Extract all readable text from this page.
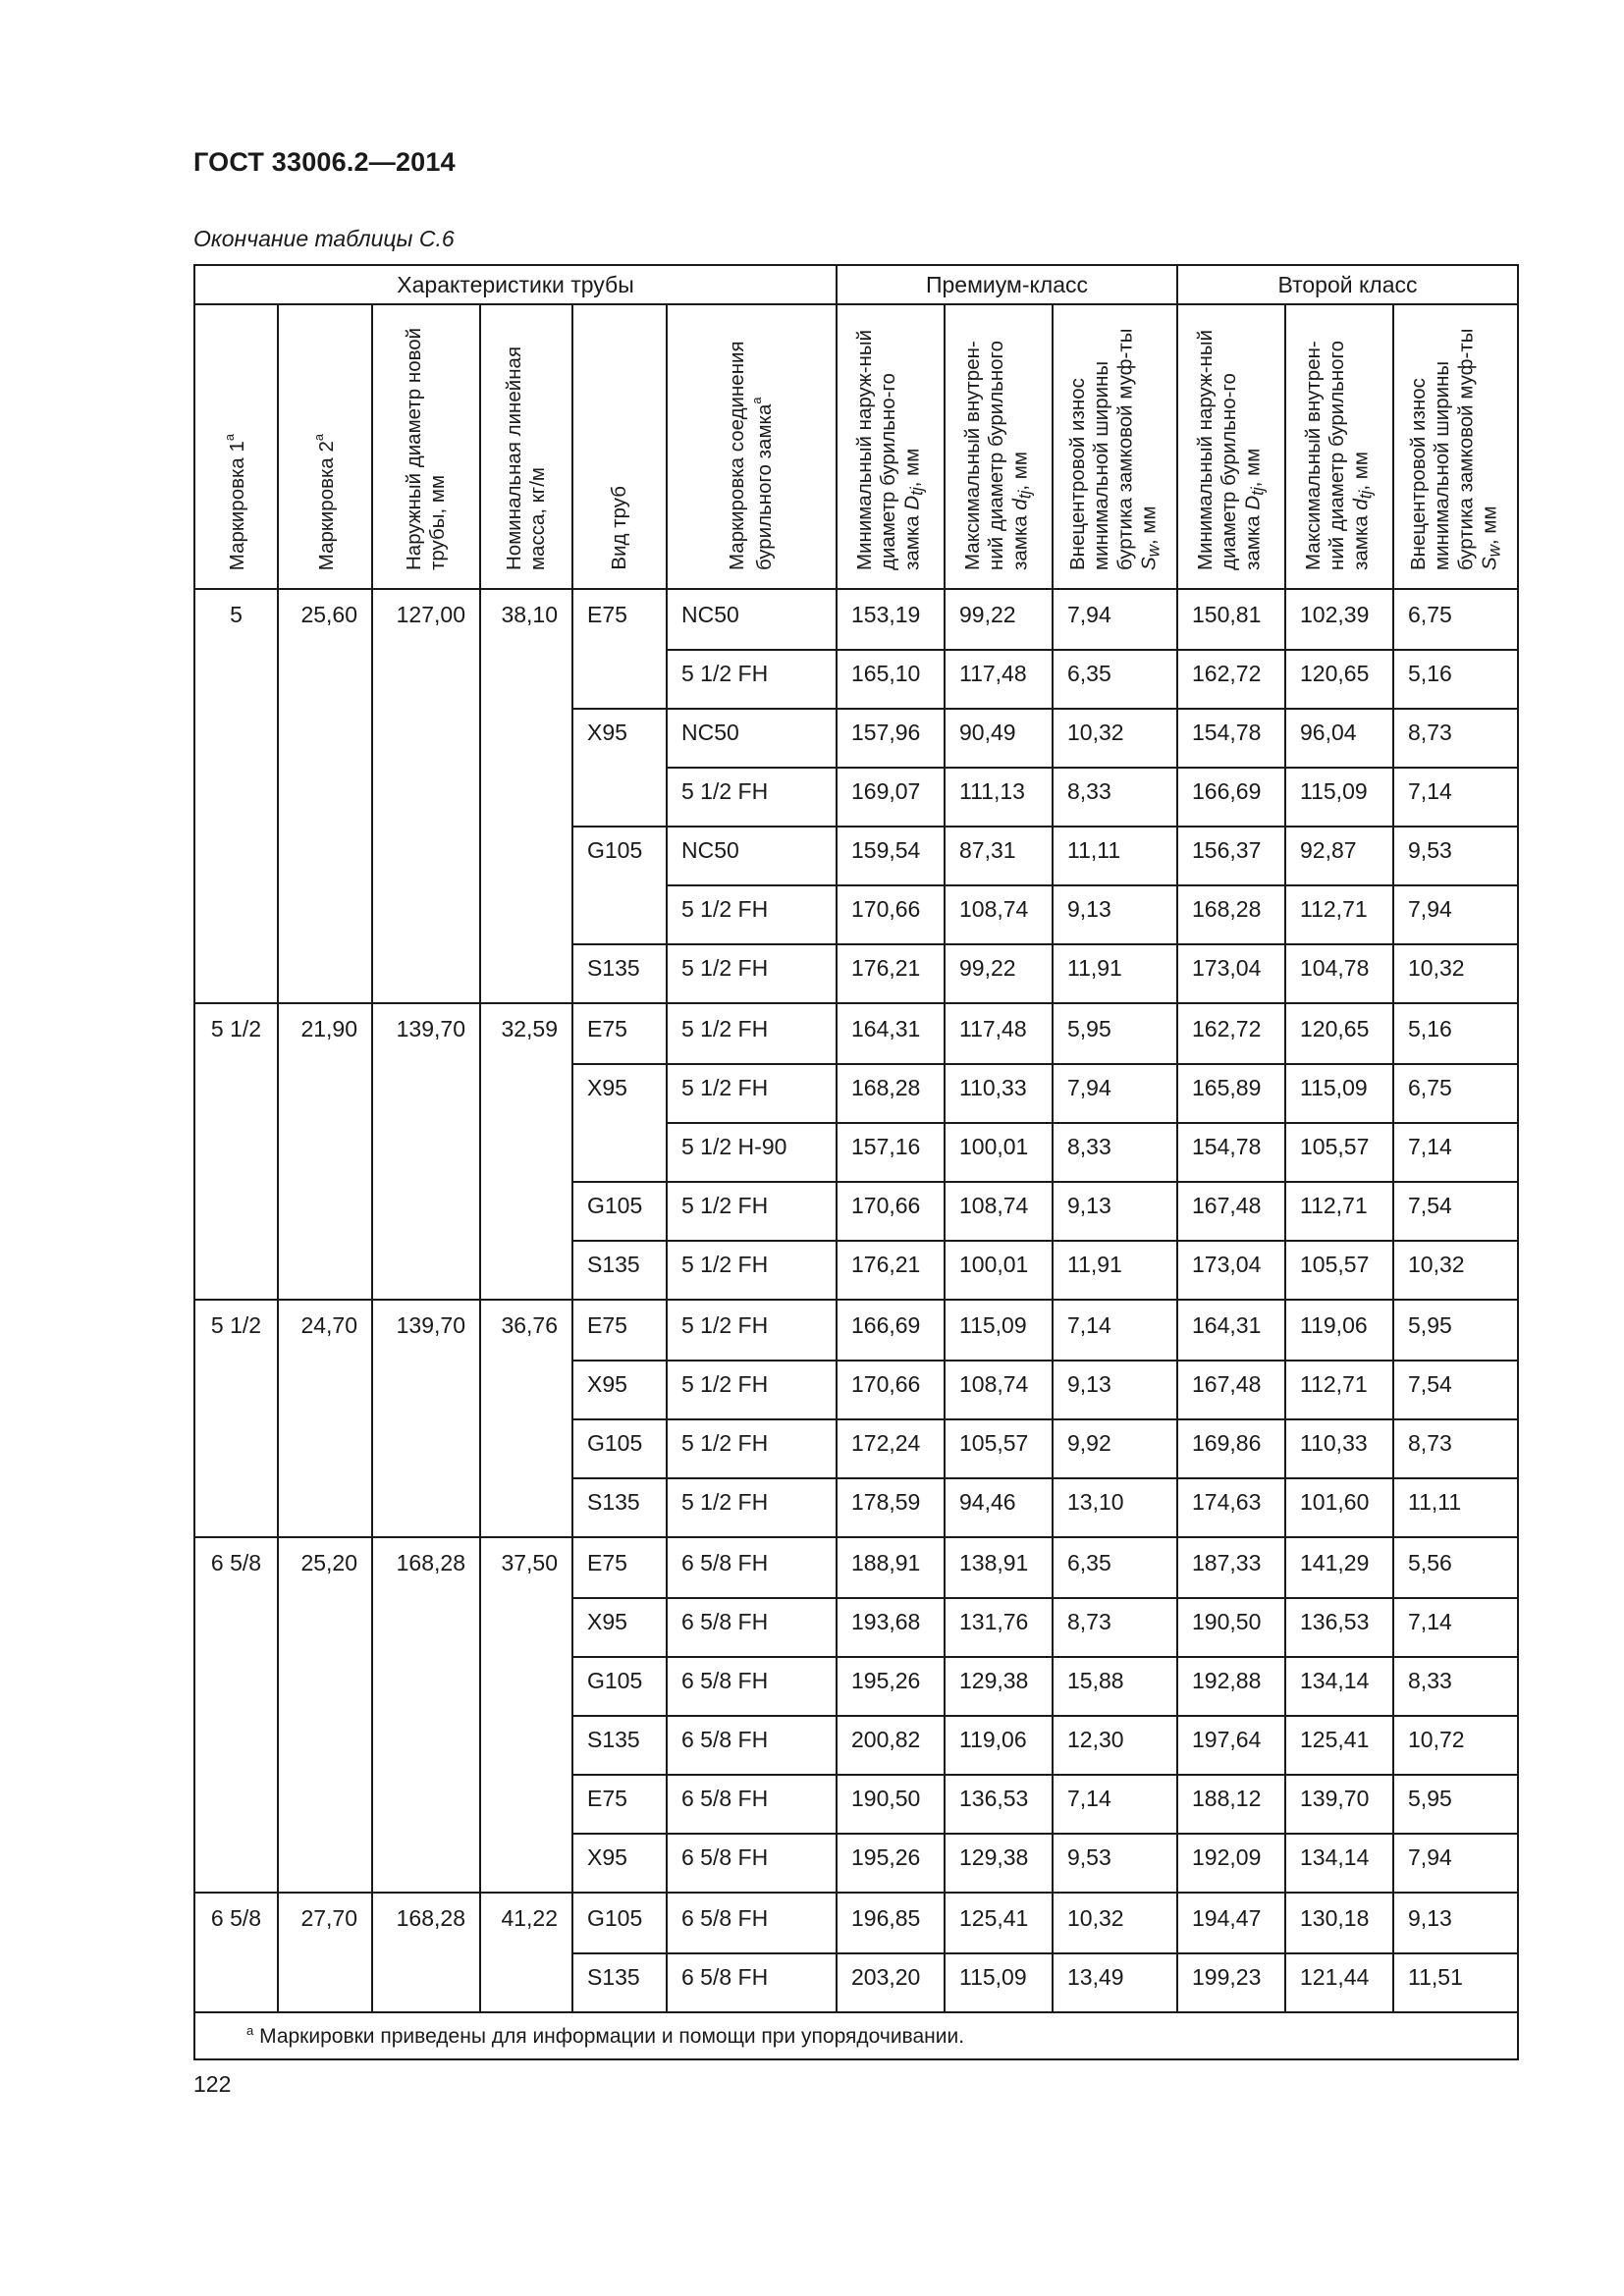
ГОСТ 33006.2—2014
Окончание таблицы С.6
Характеристики трубы						Премиум-класс			Второй класс		
Маркировка 1$^a$	Маркировка 2$^a$	Наружный диаметр новой трубы, мм	Номинальная линейная масса, кг/м	Вид труб	Маркировка соединения бурильного замка$^a$	Минимальный наруж-ный диаметр бурильно-го замка $D_{tj}$, мм	Максимальный внутрен-ний диаметр бурильного замка $d_{tj}$, мм	Внецентровой износ минимальной ширины буртика замковой муф-ты $S_w$, мм	Минимальный наруж-ный диаметр бурильно-го замка $D_{tj}$, мм	Максимальный внутрен-ний диаметр бурильного замка $d_{tj}$, мм	Внецентровой износ минимальной ширины буртика замковой муф-ты $S_w$, мм
5	25,60	127,00	38,10	E75	NC50	153,19	99,22	7,94	150,81	102,39	6,75
					5 1/2 FH	165,10	117,48	6,35	162,72	120,65	5,16
				X95	NC50	157,96	90,49	10,32	154,78	96,04	8,73
					5 1/2 FH	169,07	111,13	8,33	166,69	115,09	7,14
				G105	NC50	159,54	87,31	11,11	156,37	92,87	9,53
					5 1/2 FH	170,66	108,74	9,13	168,28	112,71	7,94
				S135	5 1/2 FH	176,21	99,22	11,91	173,04	104,78	10,32
5 1/2	21,90	139,70	32,59	E75	5 1/2 FH	164,31	117,48	5,95	162,72	120,65	5,16
				X95	5 1/2 FH	168,28	110,33	7,94	165,89	115,09	6,75
					5 1/2 H-90	157,16	100,01	8,33	154,78	105,57	7,14
				G105	5 1/2 FH	170,66	108,74	9,13	167,48	112,71	7,54
				S135	5 1/2 FH	176,21	100,01	11,91	173,04	105,57	10,32
5 1/2	24,70	139,70	36,76	E75	5 1/2 FH	166,69	115,09	7,14	164,31	119,06	5,95
				X95	5 1/2 FH	170,66	108,74	9,13	167,48	112,71	7,54
				G105	5 1/2 FH	172,24	105,57	9,92	169,86	110,33	8,73
				S135	5 1/2 FH	178,59	94,46	13,10	174,63	101,60	11,11
6 5/8	25,20	168,28	37,50	E75	6 5/8 FH	188,91	138,91	6,35	187,33	141,29	5,56
				X95	6 5/8 FH	193,68	131,76	8,73	190,50	136,53	7,14
				G105	6 5/8 FH	195,26	129,38	15,88	192,88	134,14	8,33
				S135	6 5/8 FH	200,82	119,06	12,30	197,64	125,41	10,72
				E75	6 5/8 FH	190,50	136,53	7,14	188,12	139,70	5,95
				X95	6 5/8 FH	195,26	129,38	9,53	192,09	134,14	7,94
6 5/8	27,70	168,28	41,22	G105	6 5/8 FH	196,85	125,41	10,32	194,47	130,18	9,13
				S135	6 5/8 FH	203,20	115,09	13,49	199,23	121,44	11,51
$^a$ Маркировки приведены для информации и помощи при упорядочивании.											
122
